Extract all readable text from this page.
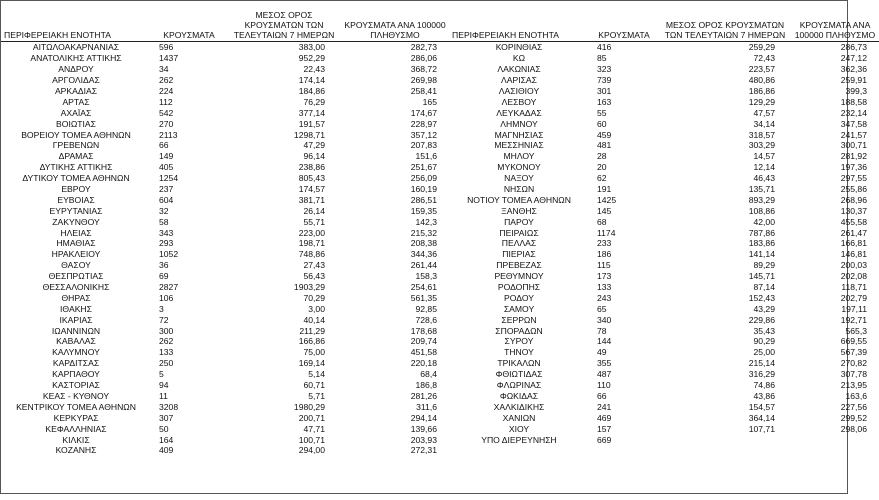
ΠΕΡΙΦΕΡΕΙΑΚΗ ΕΝΟΤΗΤΑ	ΚΡΟΥΣΜΑΤΑ	ΜΕΣΟΣ ΟΡΟΣ ΚΡΟΥΣΜΑΤΩΝ ΤΩΝ ΤΕΛΕΥΤΑΙΩΝ 7 ΗΜΕΡΩΝ	ΚΡΟΥΣΜΑΤΑ ΑΝΑ 100000 ΠΛΗΘΥΣΜΟ
ΑΙΤΩΛΟΑΚΑΡΝΑΝΙΑΣ	596	383,00	282,73
ΑΝΑΤΟΛΙΚΗΣ ΑΤΤΙΚΗΣ	1437	952,29	286,06
ΑΝΔΡΟΥ	34	22,43	368,72
ΑΡΓΟΛΙΔΑΣ	262	174,14	269,98
ΑΡΚΑΔΙΑΣ	224	184,86	258,41
ΑΡΤΑΣ	112	76,29	165
ΑΧΑΪΑΣ	542	377,14	174,67
ΒΟΙΩΤΙΑΣ	270	191,57	228,97
ΒΟΡΕΙΟΥ ΤΟΜΕΑ ΑΘΗΝΩΝ	2113	1298,71	357,12
ΓΡΕΒΕΝΩΝ	66	47,29	207,83
ΔΡΑΜΑΣ	149	96,14	151,6
ΔΥΤΙΚΗΣ ΑΤΤΙΚΗΣ	405	238,86	251,67
ΔΥΤΙΚΟΥ ΤΟΜΕΑ ΑΘΗΝΩΝ	1254	805,43	256,09
ΕΒΡΟΥ	237	174,57	160,19
ΕΥΒΟΙΑΣ	604	381,71	286,51
ΕΥΡΥΤΑΝΙΑΣ	32	26,14	159,35
ΖΑΚΥΝΘΟΥ	58	55,71	142,3
ΗΛΕΙΑΣ	343	223,00	215,32
ΗΜΑΘΙΑΣ	293	198,71	208,38
ΗΡΑΚΛΕΙΟΥ	1052	748,86	344,36
ΘΑΣΟΥ	36	27,43	261,44
ΘΕΣΠΡΩΤΙΑΣ	69	56,43	158,3
ΘΕΣΣΑΛΟΝΙΚΗΣ	2827	1903,29	254,61
ΘΗΡΑΣ	106	70,29	561,35
ΙΘΑΚΗΣ	3	3,00	92,85
ΙΚΑΡΙΑΣ	72	40,14	728,6
ΙΩΑΝΝΙΝΩΝ	300	211,29	178,68
ΚΑΒΑΛΑΣ	262	166,86	209,74
ΚΑΛΥΜΝΟΥ	133	75,00	451,58
ΚΑΡΔΙΤΣΑΣ	250	169,14	220,18
ΚΑΡΠΑΘΟΥ	5	5,14	68,4
ΚΑΣΤΟΡΙΑΣ	94	60,71	186,8
ΚΕΑΣ - ΚΥΘΝΟΥ	11	5,71	281,26
ΚΕΝΤΡΙΚΟΥ ΤΟΜΕΑ ΑΘΗΝΩΝ	3208	1980,29	311,6
ΚΕΡΚΥΡΑΣ	307	200,71	294,14
ΚΕΦΑΛΛΗΝΙΑΣ	50	47,71	139,66
ΚΙΛΚΙΣ	164	100,71	203,93
ΚΟΖΑΝΗΣ	409	294,00	272,31
ΠΕΡΙΦΕΡΕΙΑΚΗ ΕΝΟΤΗΤΑ	ΚΡΟΥΣΜΑΤΑ	ΜΕΣΟΣ ΟΡΟΣ ΚΡΟΥΣΜΑΤΩΝ ΤΩΝ ΤΕΛΕΥΤΑΙΩΝ 7 ΗΜΕΡΩΝ	ΚΡΟΥΣΜΑΤΑ ΑΝΑ 100000 ΠΛΗΘΥΣΜΟ
ΚΟΡΙΝΘΙΑΣ	416	259,29	286,73
ΚΩ	85	72,43	247,12
ΛΑΚΩΝΙΑΣ	323	223,57	362,36
ΛΑΡΙΣΑΣ	739	480,86	259,91
ΛΑΣΙΘΙΟΥ	301	186,86	399,3
ΛΕΣΒΟΥ	163	129,29	188,58
ΛΕΥΚΑΔΑΣ	55	47,57	232,14
ΛΗΜΝΟΥ	60	34,14	347,58
ΜΑΓΝΗΣΙΑΣ	459	318,57	241,57
ΜΕΣΣΗΝΙΑΣ	481	303,29	300,71
ΜΗΛΟΥ	28	14,57	281,92
ΜΥΚΟΝΟΥ	20	12,14	197,36
ΝΑΞΟΥ	62	46,43	297,55
ΝΗΣΩΝ	191	135,71	255,86
ΝΟΤΙΟΥ ΤΟΜΕΑ ΑΘΗΝΩΝ	1425	893,29	268,96
ΞΑΝΘΗΣ	145	108,86	130,37
ΠΑΡΟΥ	68	42,00	455,58
ΠΕΙΡΑΙΩΣ	1174	787,86	261,47
ΠΕΛΛΑΣ	233	183,86	166,81
ΠΙΕΡΙΑΣ	186	141,14	146,81
ΠΡΕΒΕΖΑΣ	115	89,29	200,03
ΡΕΘΥΜΝΟΥ	173	145,71	202,08
ΡΟΔΟΠΗΣ	133	87,14	118,71
ΡΟΔΟΥ	243	152,43	202,79
ΣΑΜΟΥ	65	43,29	197,11
ΣΕΡΡΩΝ	340	229,86	192,71
ΣΠΟΡΑΔΩΝ	78	35,43	565,3
ΣΥΡΟΥ	144	90,29	669,55
ΤΗΝΟΥ	49	25,00	567,39
ΤΡΙΚΑΛΩΝ	355	215,14	270,82
ΦΘΙΩΤΙΔΑΣ	487	316,29	307,78
ΦΛΩΡΙΝΑΣ	110	74,86	213,95
ΦΩΚΙΔΑΣ	66	43,86	163,6
ΧΑΛΚΙΔΙΚΗΣ	241	154,57	227,56
ΧΑΝΙΩΝ	469	364,14	299,52
ΧΙΟΥ	157	107,71	298,06
ΥΠΟ ΔΙΕΡΕΥΝΗΣΗ	669		
